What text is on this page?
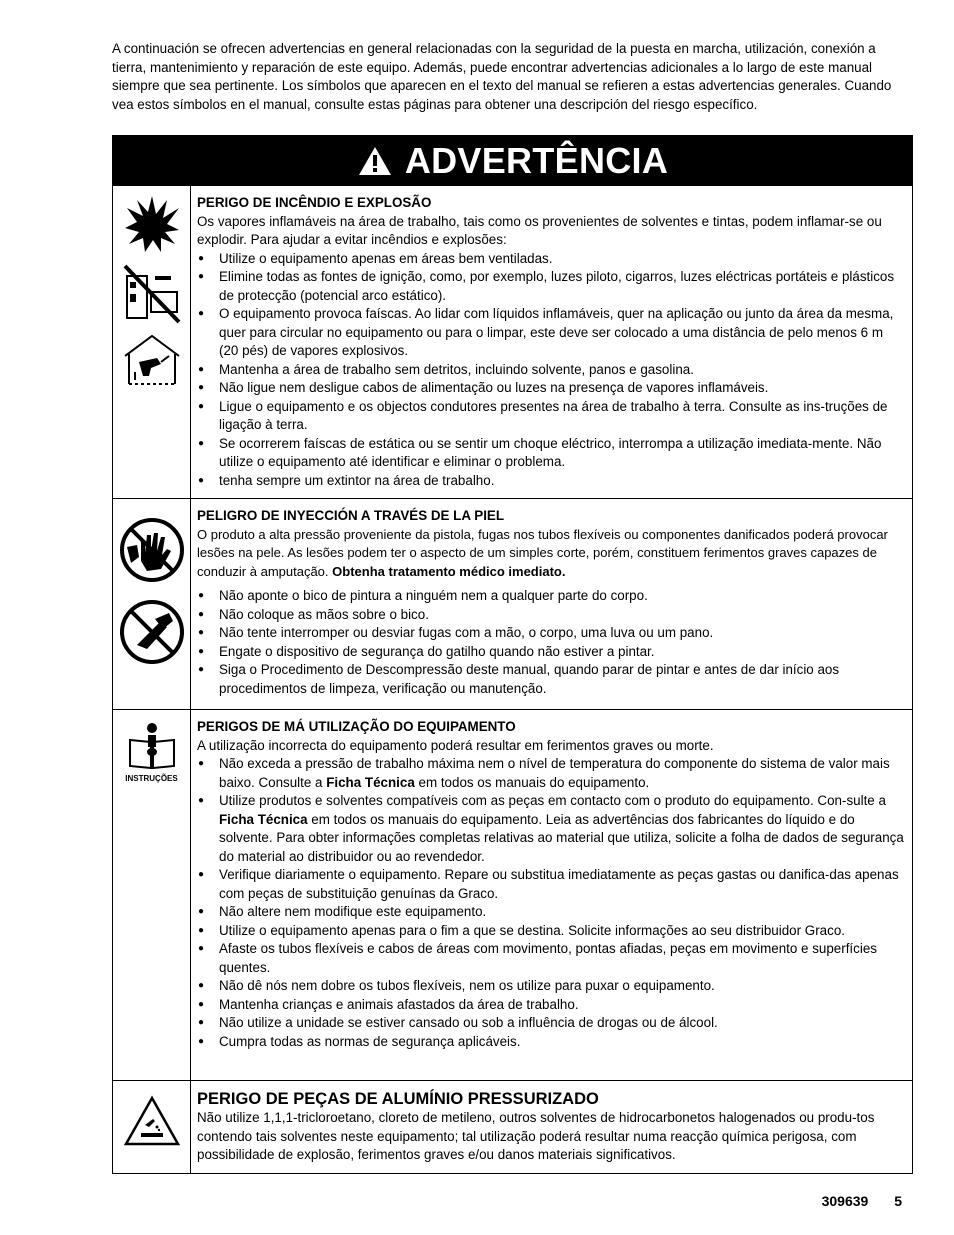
A continuación se ofrecen advertencias en general relacionadas con la seguridad de la puesta en marcha, utilización, conexión a tierra, mantenimiento y reparación de este equipo. Además, puede encontrar advertencias adicionales a lo largo de este manual siempre que sea pertinente. Los símbolos que aparecen en el texto del manual se refieren a estas advertencias generales. Cuando vea estos símbolos en el manual, consulte estas páginas para obtener una descripción del riesgo específico.
ADVERTÊNCIA
PERIGO DE INCÊNDIO E EXPLOSÃO
Os vapores inflamáveis na área de trabalho, tais como os provenientes de solventes e tintas, podem inflamar-se ou explodir. Para ajudar a evitar incêndios e explosões:
● Utilize o equipamento apenas em áreas bem ventiladas.
● Elimine todas as fontes de ignição, como, por exemplo, luzes piloto, cigarros, luzes eléctricas portáteis e plásticos de protecção (potencial arco estático).
● O equipamento provoca faíscas. Ao lidar com líquidos inflamáveis, quer na aplicação ou junto da área da mesma, quer para circular no equipamento ou para o limpar, este deve ser colocado a uma distância de pelo menos 6 m (20 pés) de vapores explosivos.
● Mantenha a área de trabalho sem detritos, incluindo solvente, panos e gasolina.
● Não ligue nem desligue cabos de alimentação ou luzes na presença de vapores inflamáveis.
● Ligue o equipamento e os objectos condutores presentes na área de trabalho à terra. Consulte as ins-truções de ligação à terra.
● Se ocorrerem faíscas de estática ou se sentir um choque eléctrico, interrompa a utilização imediata-mente. Não utilize o equipamento até identificar e eliminar o problema.
● tenha sempre um extintor na área de trabalho.
PELIGRO DE INYECCIÓN A TRAVÉS DE LA PIEL
O produto a alta pressão proveniente da pistola, fugas nos tubos flexíveis ou componentes danificados poderá provocar lesões na pele. As lesões podem ter o aspecto de um simples corte, porém, constituem ferimentos graves capazes de conduzir à amputação. Obtenha tratamento médico imediato.
● Não aponte o bico de pintura a ninguém nem a qualquer parte do corpo.
● Não coloque as mãos sobre o bico.
● Não tente interromper ou desviar fugas com a mão, o corpo, uma luva ou um pano.
● Engate o dispositivo de segurança do gatilho quando não estiver a pintar.
● Siga o Procedimento de Descompressão deste manual, quando parar de pintar e antes de dar início aos procedimentos de limpeza, verificação ou manutenção.
INSTRUÇÕES
PERIGOS DE MÁ UTILIZAÇÃO DO EQUIPAMENTO
A utilização incorrecta do equipamento poderá resultar em ferimentos graves ou morte.
● Não exceda a pressão de trabalho máxima nem o nível de temperatura do componente do sistema de valor mais baixo. Consulte a Ficha Técnica em todos os manuais do equipamento.
● Utilize produtos e solventes compatíveis com as peças em contacto com o produto do equipamento. Con-sulte a Ficha Técnica em todos os manuais do equipamento. Leia as advertências dos fabricantes do líquido e do solvente. Para obter informações completas relativas ao material que utiliza, solicite a folha de dados de segurança do material ao distribuidor ou ao revendedor.
● Verifique diariamente o equipamento. Repare ou substitua imediatamente as peças gastas ou danifica-das apenas com peças de substituição genuínas da Graco.
● Não altere nem modifique este equipamento.
● Utilize o equipamento apenas para o fim a que se destina. Solicite informações ao seu distribuidor Graco.
● Afaste os tubos flexíveis e cabos de áreas com movimento, pontas afiadas, peças em movimento e superfícies quentes.
● Não dê nós nem dobre os tubos flexíveis, nem os utilize para puxar o equipamento.
● Mantenha crianças e animais afastados da área de trabalho.
● Não utilize a unidade se estiver cansado ou sob a influência de drogas ou de álcool.
● Cumpra todas as normas de segurança aplicáveis.
PERIGO DE PEÇAS DE ALUMÍNIO PRESSURIZADO
Não utilize 1,1,1-tricloroetano, cloreto de metileno, outros solventes de hidrocarbonetos halogenados ou produ-tos contendo tais solventes neste equipamento; tal utilização poderá resultar numa reacção química perigosa, com possibilidade de explosão, ferimentos graves e/ou danos materiais significativos.
309639 5
